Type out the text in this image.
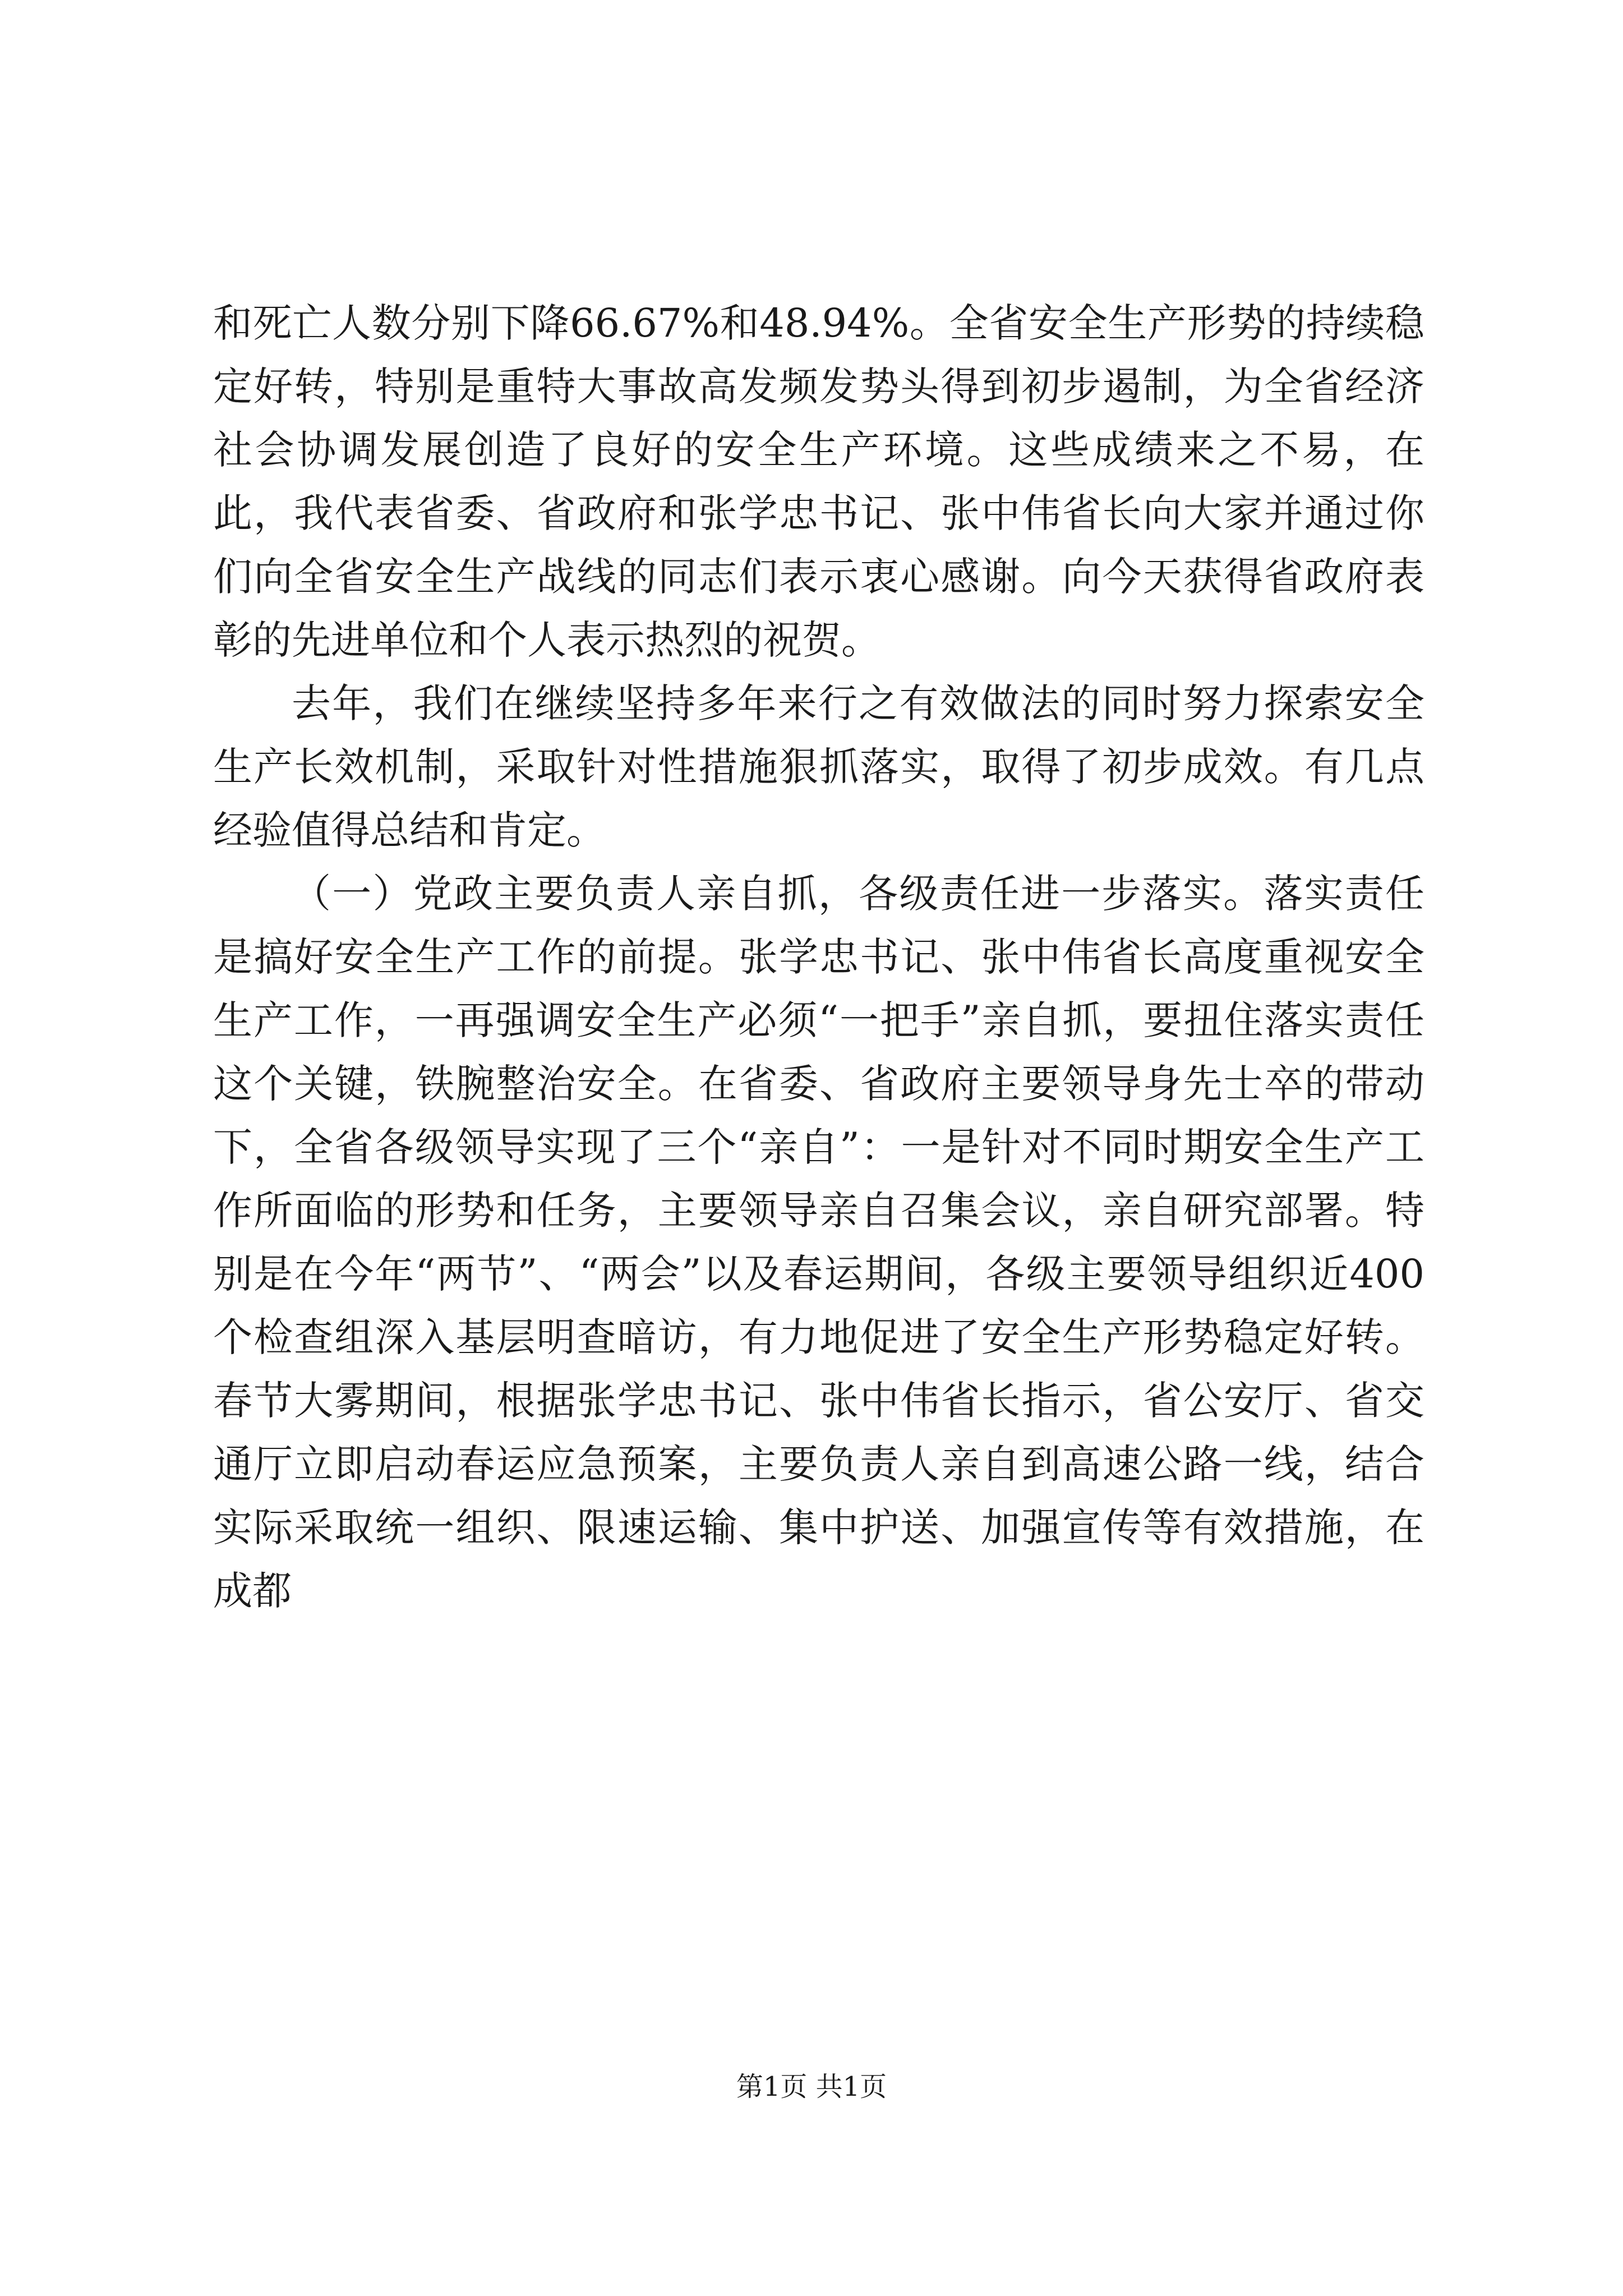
和死亡人数分别下降66.67%和48.94%。全省安全生产形势的持续稳定好转，特别是重特大事故高发频发势头得到初步遏制，为全省经济社会协调发展创造了良好的安全生产环境。这些成绩来之不易，在此，我代表省委、省政府和张学忠书记、张中伟省长向大家并通过你们向全省安全生产战线的同志们表示衷心感谢。向今天获得省政府表彰的先进单位和个人表示热烈的祝贺。

去年，我们在继续坚持多年来行之有效做法的同时努力探索安全生产长效机制，采取针对性措施狠抓落实，取得了初步成效。有几点经验值得总结和肯定。

（一）党政主要负责人亲自抓，各级责任进一步落实。落实责任是搞好安全生产工作的前提。张学忠书记、张中伟省长高度重视安全生产工作，一再强调安全生产必须“一把手”亲自抓，要扭住落实责任这个关键，铁腕整治安全。在省委、省政府主要领导身先士卒的带动下，全省各级领导实现了三个“亲自”：一是针对不同时期安全生产工作所面临的形势和任务，主要领导亲自召集会议，亲自研究部署。特别是在今年“两节”、“两会”以及春运期间，各级主要领导组织近400个检查组深入基层明查暗访，有力地促进了安全生产形势稳定好转。春节大雾期间，根据张学忠书记、张中伟省长指示，省公安厅、省交通厅立即启动春运应急预案，主要负责人亲自到高速公路一线，结合实际采取统一组织、限速运输、集中护送、加强宣传等有效措施，在成都

第1页 共1页
